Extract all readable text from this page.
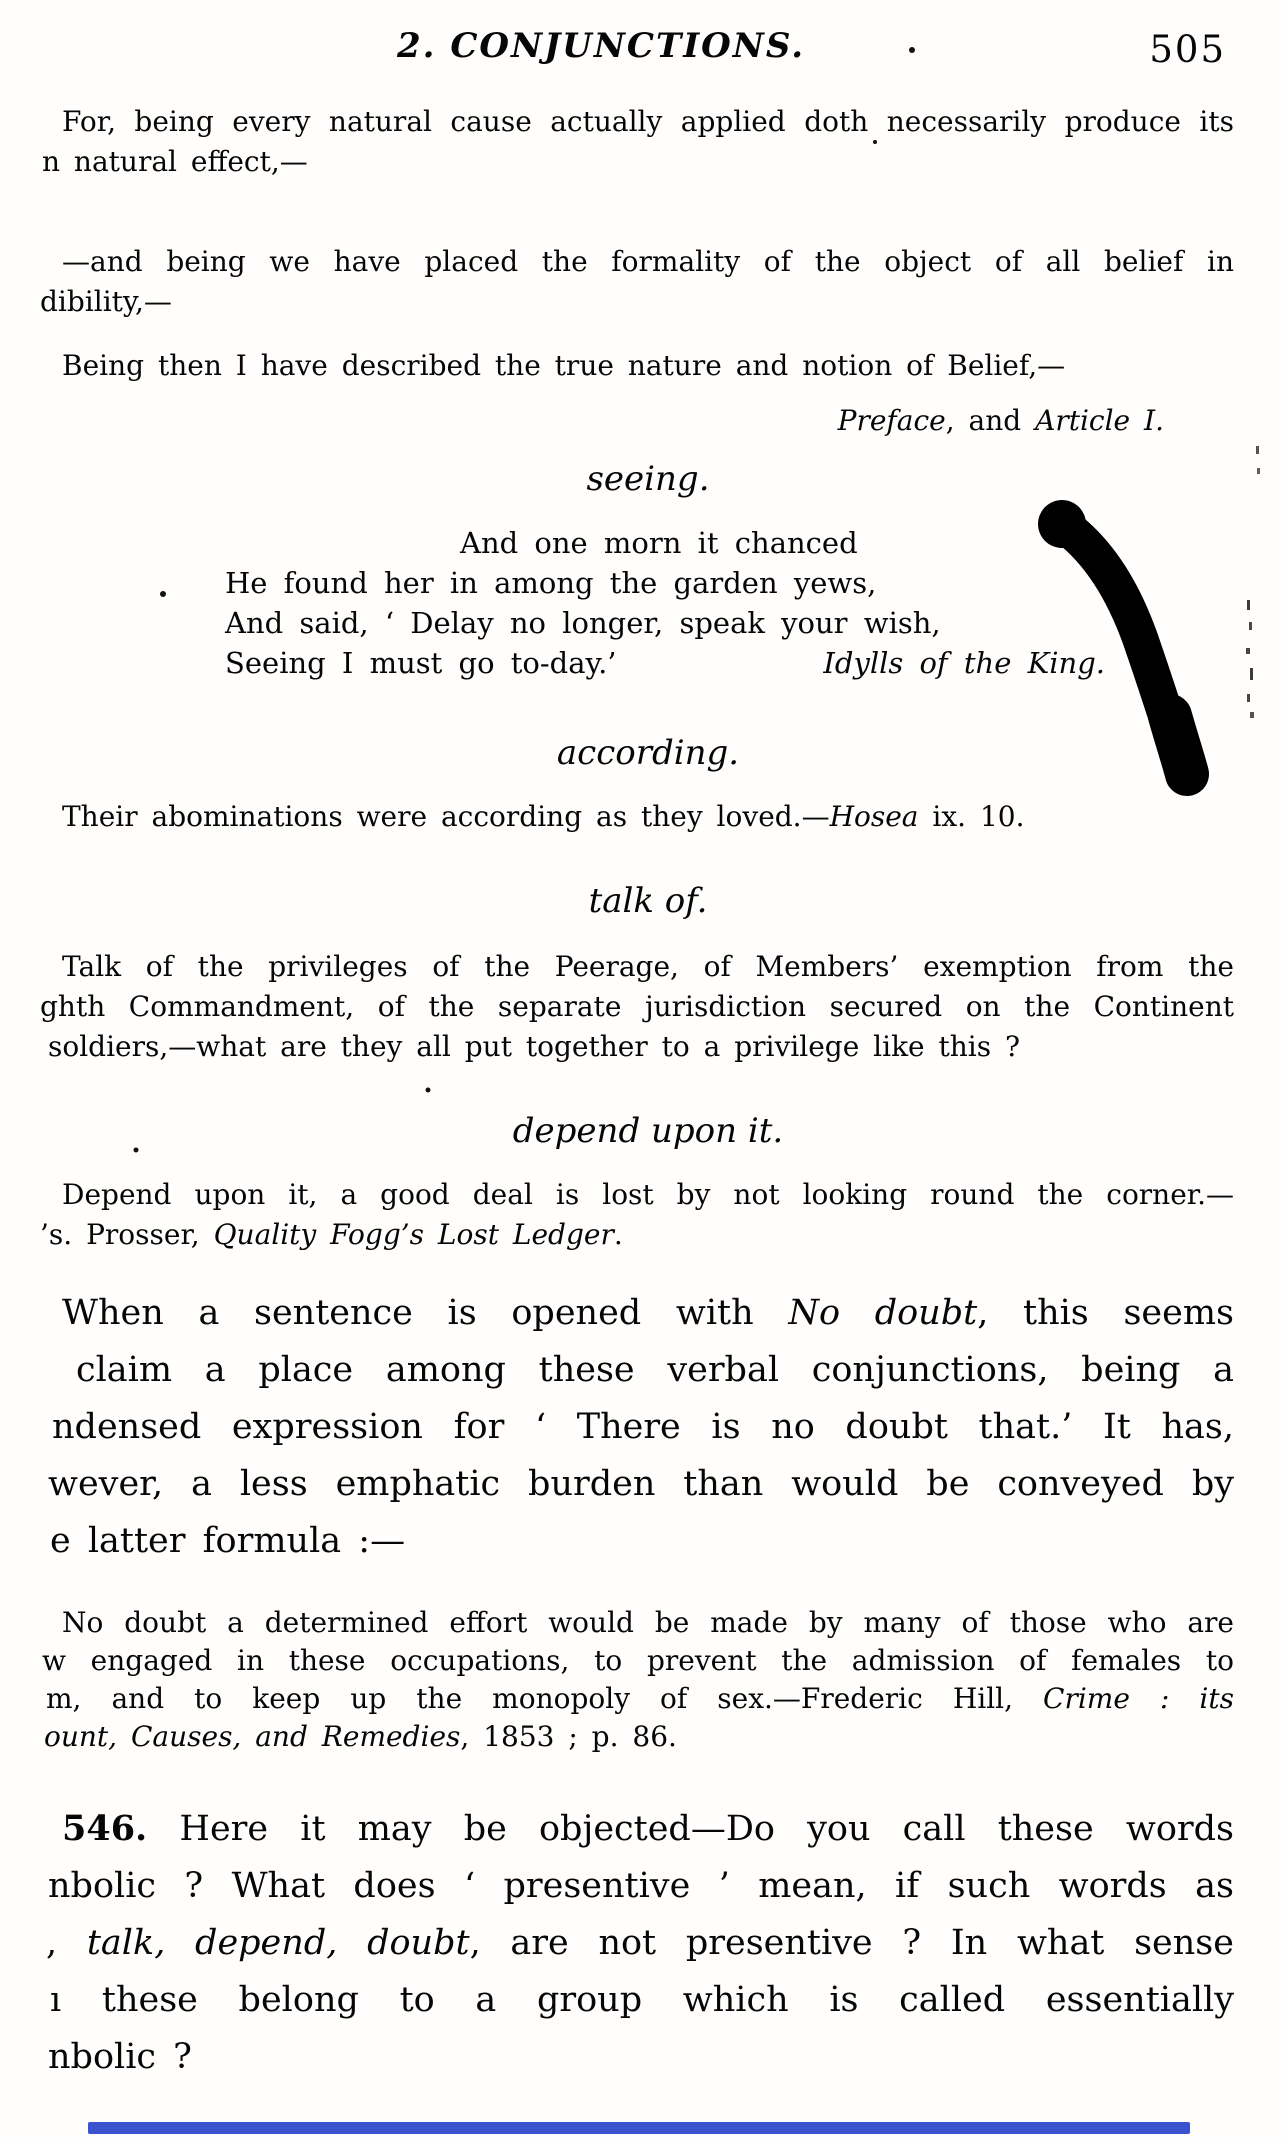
2. CONJUNCTIONS.	505
For, being every natural cause actually applied doth necessarily produce its
n natural effect,—
—and being we have placed the formality of the object of all belief in
dibility,—
Being then I have described the true nature and notion of Belief,—
Preface, and Article I.
seeing.
And one morn it chanced
He found her in among the garden yews,
And said, ‘ Delay no longer, speak your wish,
Seeing I must go to-day.’	Idylls of the King.
according.
Their abominations were according as they loved.—Hosea ix. 10.
talk of.
Talk of the privileges of the Peerage, of Members’ exemption from the
ghth Commandment, of the separate jurisdiction secured on the Continent
soldiers,—what are they all put together to a privilege like this ?
depend upon it.
Depend upon it, a good deal is lost by not looking round the corner.—
’s. Prosser, Quality Fogg’s Lost Ledger.
When a sentence is opened with No doubt, this seems
claim a place among these verbal conjunctions, being a
ndensed expression for ‘ There is no doubt that.’ It has,
wever, a less emphatic burden than would be conveyed by
e latter formula :—
No doubt a determined effort would be made by many of those who are
w engaged in these occupations, to prevent the admission of females to
m, and to keep up the monopoly of sex.—Frederic Hill, Crime : its
ount, Causes, and Remedies, 1853 ; p. 86.
546. Here it may be objected—Do you call these words
nbolic ? What does ‘ presentive ’ mean, if such words as
, talk, depend, doubt, are not presentive ? In what sense
ı these belong to a group which is called essentially
nbolic ?
